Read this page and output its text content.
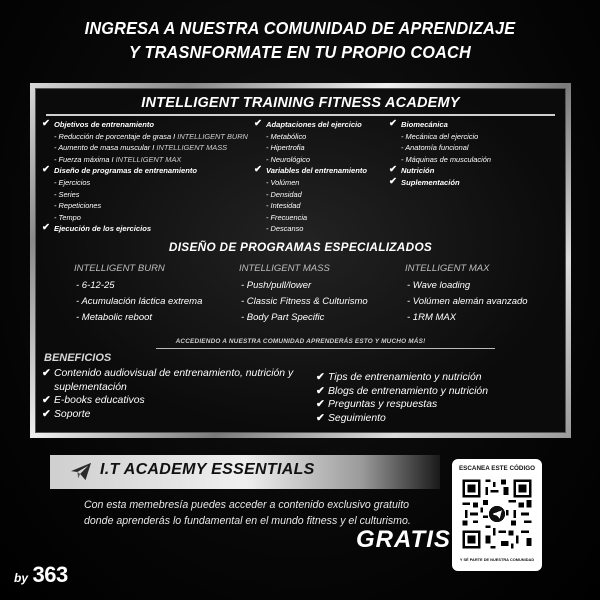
INGRESA A NUESTRA COMUNIDAD DE APRENDIZAJE
Y TRASNFORMATE EN TU PROPIO COACH
INTELLIGENT TRAINING FITNESS ACADEMY
✔ Objetivos de entrenamiento
- Reducción de porcentaje de grasa I INTELLIGENT BURN
- Aumento de masa muscular I INTELLIGENT MASS
- Fuerza máxima I INTELLIGENT MAX
✔ Diseño de programas de entrenamiento
- Ejercicios
- Series
- Repeticiones
- Tempo
✔ Ejecución de los ejercicios
✔ Adaptaciones del ejercicio
- Metabólico
- Hipertrofia
- Neurológico
✔ Variables del entrenamiento
- Volúmen
- Densidad
- Intesidad
- Frecuencia
- Descanso
✔ Biomecánica
- Mecánica del ejercicio
- Anatomía funcional
- Máquinas de musculación
✔ Nutrición
✔ Suplementación
DISEÑO DE PROGRAMAS ESPECIALIZADOS
INTELLIGENT BURN
- 6-12-25
- Acumulación láctica extrema
- Metabolic reboot
INTELLIGENT MASS
- Push/pull/lower
- Classic Fitness & Culturismo
- Body Part Specific
INTELLIGENT MAX
- Wave loading
- Volúmen alemán avanzado
- 1RM MAX
ACCEDIENDO A NUESTRA COMUNIDAD APRENDERÁS ESTO Y MUCHO MÁS!
BENEFICIOS
✔ Contenido audiovisual de entrenamiento, nutrición y
suplementación
✔ E-books educativos
✔ Soporte
✔ Tips de entrenamiento y nutrición
✔ Blogs de entrenamiento y nutrición
✔ Preguntas y respuestas
✔ Seguimiento
I.T ACADEMY ESSENTIALS
Con esta memebresía puedes acceder a contenido exclusivo gratuito
donde aprenderás lo fundamental en el mundo fitness y el culturismo.
GRATIS
ESCANEA ESTE CÓDIGO
Y SÉ PARTE DE NUESTRA COMUNIDAD
by 363
